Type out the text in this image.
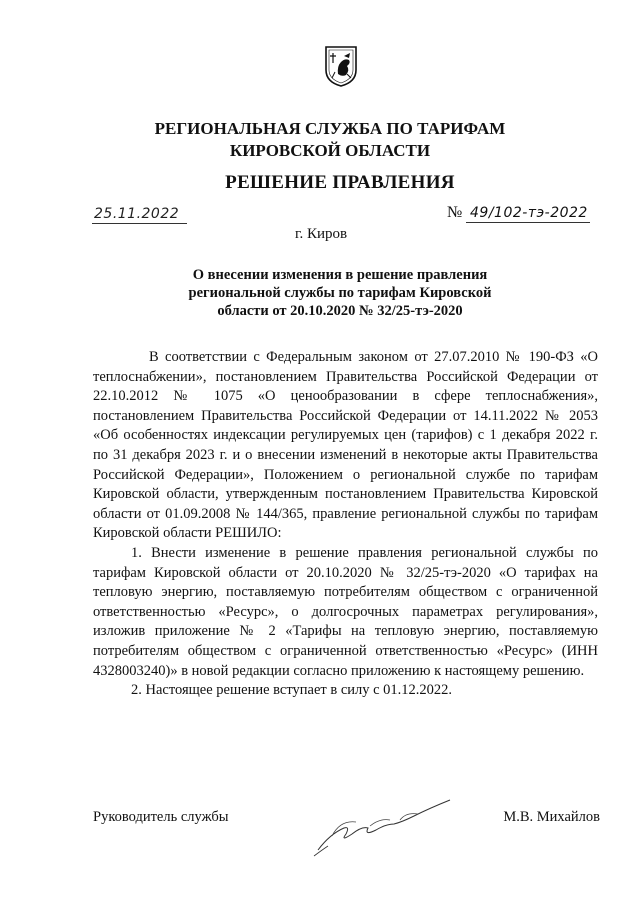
РЕГИОНАЛЬНАЯ СЛУЖБА ПО ТАРИФАМ
КИРОВСКОЙ ОБЛАСТИ
РЕШЕНИЕ ПРАВЛЕНИЯ
25.11.2022	№ 49/102-тэ-2022
г. Киров
О внесении изменения в решение правления
региональной службы по тарифам Кировской
области от 20.10.2020 № 32/25-тэ-2020

В соответствии с Федеральным законом от 27.07.2010 № 190-ФЗ «О теплоснабжении», постановлением Правительства Российской Федерации от 22.10.2012 № 1075 «О ценообразовании в сфере теплоснабжения», постановлением Правительства Российской Федерации от 14.11.2022 № 2053 «Об особенностях индексации регулируемых цен (тарифов) с 1 декабря 2022 г. по 31 декабря 2023 г. и о внесении изменений в некоторые акты Правительства Российской Федерации», Положением о региональной службе по тарифам Кировской области, утвержденным постановлением Правительства Кировской области от 01.09.2008 № 144/365, правление региональной службы по тарифам Кировской области РЕШИЛО:

1. Внести изменение в решение правления региональной службы по тарифам Кировской области от 20.10.2020 № 32/25-тэ-2020 «О тарифах на тепловую энергию, поставляемую потребителям обществом с ограниченной ответственностью «Ресурс», о долгосрочных параметрах регулирования», изложив приложение № 2 «Тарифы на тепловую энергию, поставляемую потребителям обществом с ограниченной ответственностью «Ресурс» (ИНН 4328003240)» в новой редакции согласно приложению к настоящему решению.

2. Настоящее решение вступает в силу с 01.12.2022.

Руководитель службы	М.В. Михайлов
